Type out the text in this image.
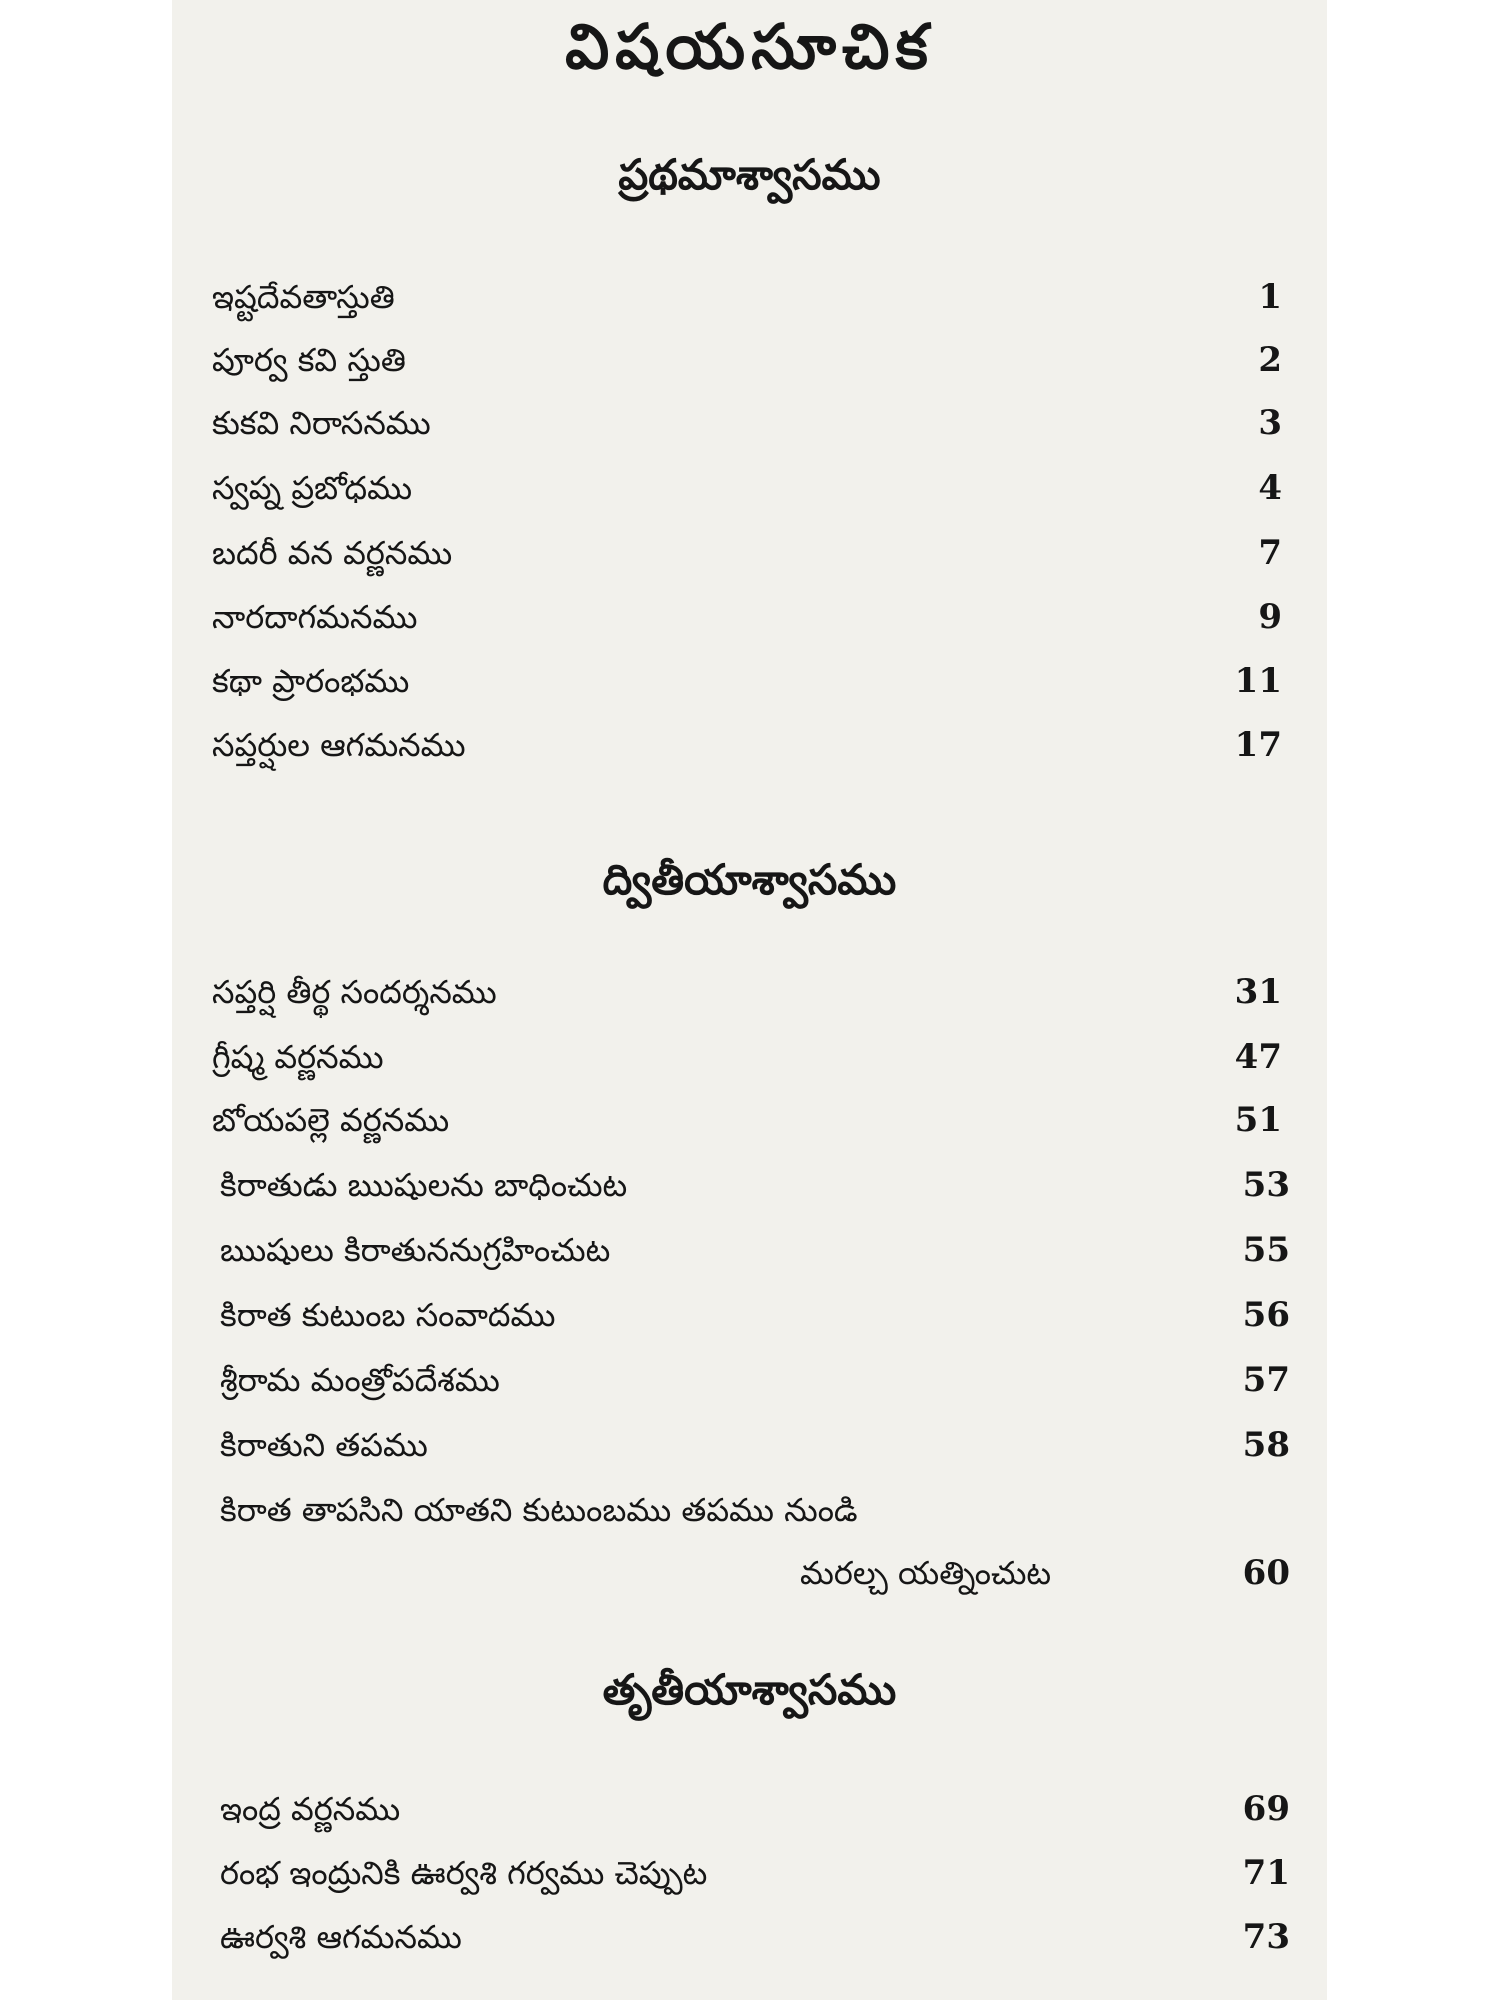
విషయసూచిక
ప్రథమాశ్వాసము
ఇష్టదేవతాస్తుతి	1
పూర్వ కవి స్తుతి	2
కుకవి నిరాసనము	3
స్వప్న ప్రబోధము	4
బదరీ వన వర్ణనము	7
నారదాగమనము	9
కథా ప్రారంభము	11
సప్తర్షుల ఆగమనము	17
ద్వితీయాశ్వాసము
సప్తర్షి తీర్థ సందర్శనము	31
గ్రీష్మ వర్ణనము	47
బోయపల్లె వర్ణనము	51
కిరాతుడు ఋషులను బాధించుట	53
ఋషులు కిరాతుననుగ్రహించుట	55
కిరాత కుటుంబ సంవాదము	56
శ్రీరామ మంత్రోపదేశము	57
కిరాతుని తపము	58
కిరాత తాపసిని యాతని కుటుంబము తపము నుండి
మరల్చ యత్నించుట	60
తృతీయాశ్వాసము
ఇంద్ర వర్ణనము	69
రంభ ఇంద్రునికి ఊర్వశి గర్వము చెప్పుట	71
ఊర్వశి ఆగమనము	73
